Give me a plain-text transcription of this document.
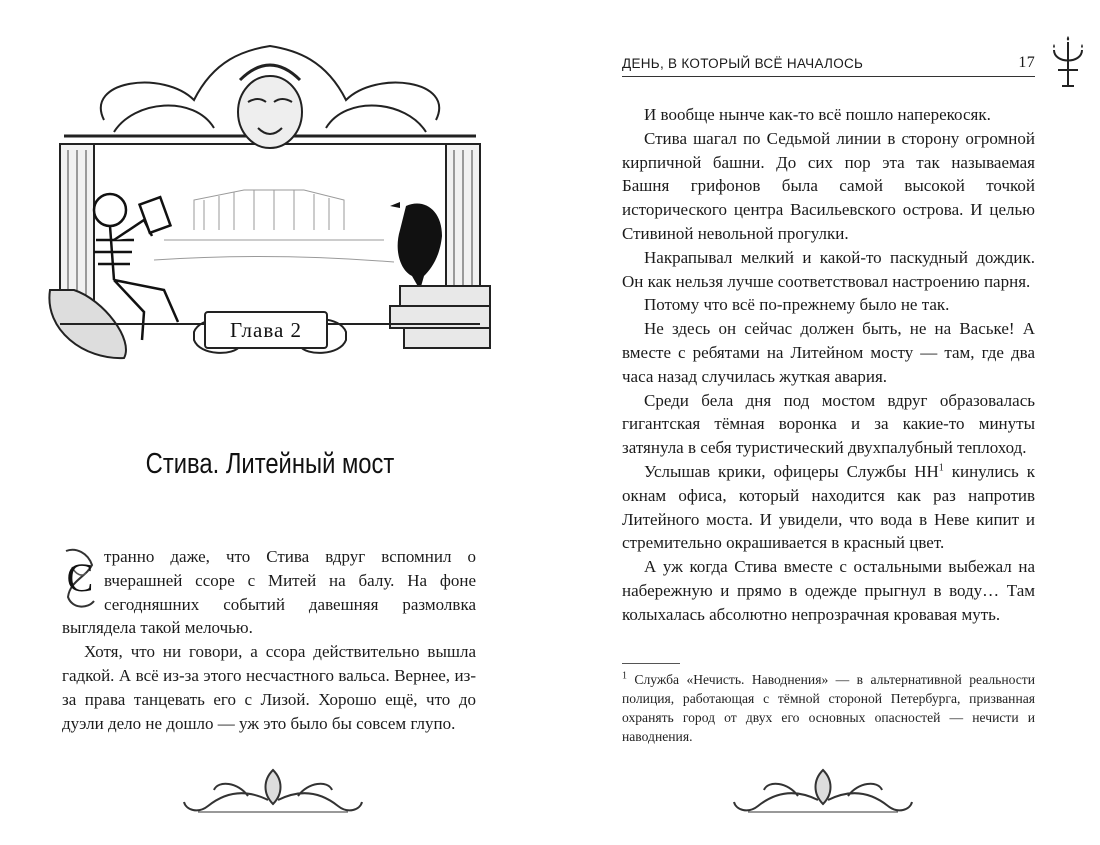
Глава 2
Стива. Литейный мост

С транно даже, что Стива вдруг вспомнил о вчерашней ссоре с Митей на балу. На фоне сегодняшних событий давешняя размолвка выглядела такой мелочью.

Хотя, что ни говори, а ссора действительно вышла гадкой. А всё из-за этого несчастного вальса. Вернее, из-за права танцевать его с Лизой. Хорошо ещё, что до дуэли дело не дошло — уж это было бы совсем глупо.

ДЕНЬ, В КОТОРЫЙ ВСЁ НАЧАЛОСЬ	17

И вообще нынче как-то всё пошло наперекосяк.

Стива шагал по Седьмой линии в сторону огромной кирпичной башни. До сих пор эта так называемая Башня грифонов была самой высокой точкой исторического центра Васильевского острова. И целью Стивиной невольной прогулки.

Накрапывал мелкий и какой-то паскудный дождик. Он как нельзя лучше соответствовал настроению парня.

Потому что всё по-прежнему было не так.

Не здесь он сейчас должен быть, не на Ваське! А вместе с ребятами на Литейном мосту — там, где два часа назад случилась жуткая авария.

Среди бела дня под мостом вдруг образовалась гигантская тёмная воронка и за какие-то минуты затянула в себя туристический двухпалубный теплоход.

Услышав крики, офицеры Службы $НН^1$ кинулись к окнам офиса, который находится как раз напротив Литейного моста. И увидели, что вода в Неве кипит и стремительно окрашивается в красный цвет.

А уж когда Стива вместе с остальными выбежал на набережную и прямо в одежде прыгнул в воду… Там колыхалась абсолютно непрозрачная кровавая муть.

$^1$ Служба «Нечисть. Наводнения» — в альтернативной реальности полиция, работающая с тёмной стороной Петербурга, призванная охранять город от двух его основных опасностей — нечисти и наводнения.
